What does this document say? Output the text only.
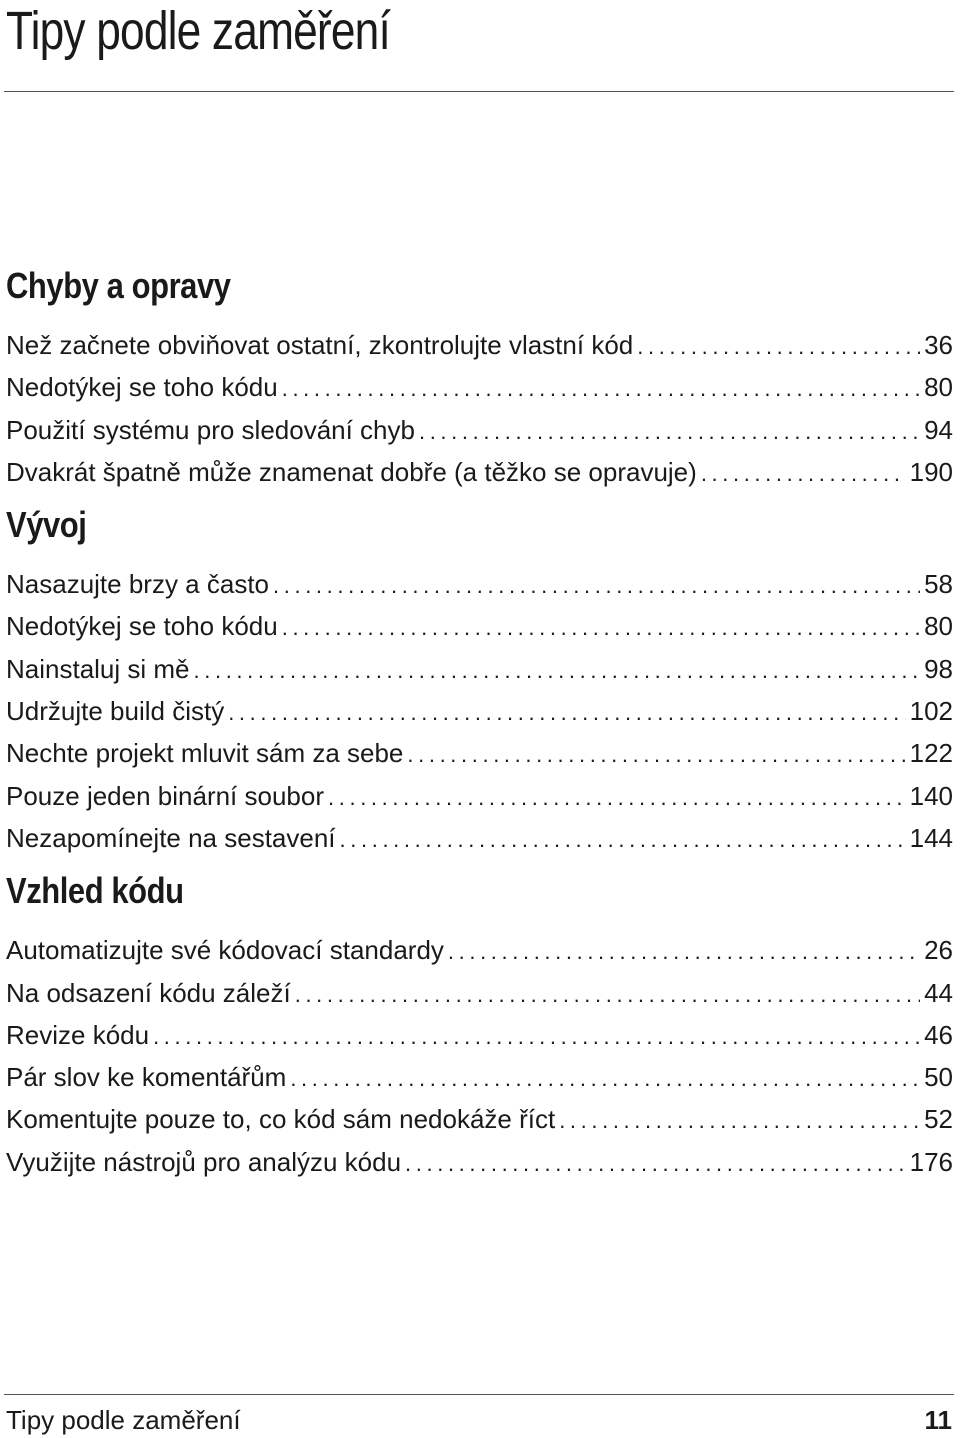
Tipy podle zaměření
Chyby a opravy
Než začnete obviňovat ostatní, zkontrolujte vlastní kód . . .	36
Nedotýkej se toho kódu . . .	80
Použití systému pro sledování chyb . . .	94
Dvakrát špatně může znamenat dobře (a těžko se opravuje) . . .	190
Vývoj
Nasazujte brzy a často . . .	58
Nedotýkej se toho kódu . . .	80
Nainstaluj si mě . . .	98
Udržujte build čistý . . .	102
Nechte projekt mluvit sám za sebe . . .	122
Pouze jeden binární soubor . . .	140
Nezapomínejte na sestavení . . .	144
Vzhled kódu
Automatizujte své kódovací standardy . . .	26
Na odsazení kódu záleží . . .	44
Revize kódu . . .	46
Pár slov ke komentářům . . .	50
Komentujte pouze to, co kód sám nedokáže říct . . .	52
Využijte nástrojů pro analýzu kódu . . .	176
Tipy podle zaměření	11
